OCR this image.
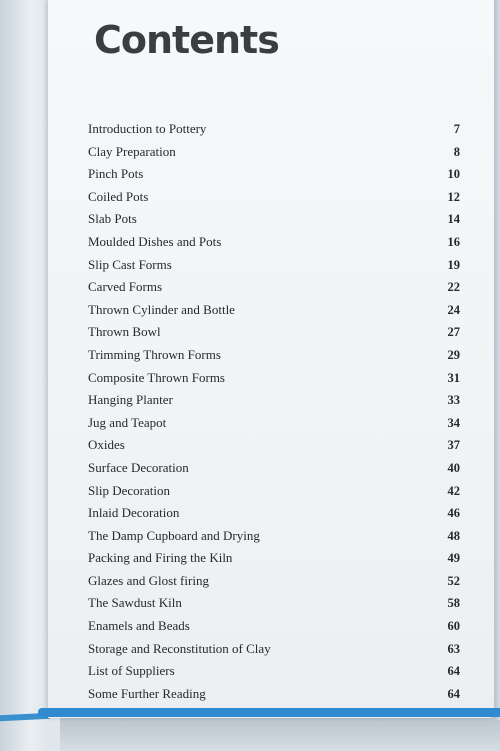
Contents
Introduction to Pottery	7
Clay Preparation	8
Pinch Pots	10
Coiled Pots	12
Slab Pots	14
Moulded Dishes and Pots	16
Slip Cast Forms	19
Carved Forms	22
Thrown Cylinder and Bottle	24
Thrown Bowl	27
Trimming Thrown Forms	29
Composite Thrown Forms	31
Hanging Planter	33
Jug and Teapot	34
Oxides	37
Surface Decoration	40
Slip Decoration	42
Inlaid Decoration	46
The Damp Cupboard and Drying	48
Packing and Firing the Kiln	49
Glazes and Glost firing	52
The Sawdust Kiln	58
Enamels and Beads	60
Storage and Reconstitution of Clay	63
List of Suppliers	64
Some Further Reading	64
